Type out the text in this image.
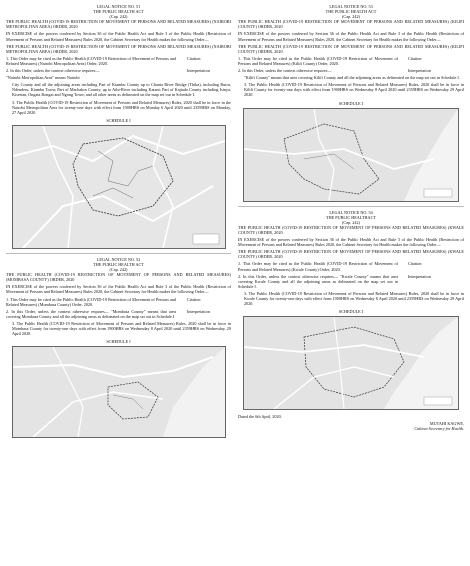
LEGAL NOTICE NO. 51
THE PUBLIC HEALTH ACT
(Cap. 242)
THE PUBLIC HEALTH (COVID-19 RESTRICTION OF MOVEMENT OF PERSONS AND RELATED MEASURES) (NAIROBI METROPOLITAN AREA) ORDER, 2020
IN EXERCISE of the powers conferred by Section 36 of the Public Health Act and Rule 3 of the Public Health (Restriction of Movement of Persons and Related Measures) Rules 2020, the Cabinet Secretary for Health makes the following Order—
THE PUBLIC HEALTH (COVID-19 RESTRICTION OF MOVEMENT OF PERSONS AND RELATED MEASURES) (NAIROBI METROPOLITAN AREA) ORDER, 2020
1. This Order may be cited as the Public Health (COVID-19 Restriction of Movement of Persons and Related Measures) (Nairobi Metropolitan Area) Order, 2020.
Citation
2. In this Order, unless the context otherwise requires—	Interpretation
"Nairobi Metropolitan Area" means Nairobi
City County and all the adjoining areas including Part of Kiambu County up to Chania River Bridge (Thika), including Ruiru, Ndenderu, Kiambu Town; Part of Machakos County, up to Athi-River including Katani; Part of Kajiado County including Isinya, Kiserian, Ongata Rongai and Ngong Town; and all other areas as delineated on the map set out in Schedule I.
3. The Public Health (COVID-19 Restriction of Movement of Persons and Related Measures) Rules, 2020 shall be in force in the Nairobi Metropolitan Area for twenty-one days with effect from 1900HRS on Monday 6 April 2020 until 2359HRS on Monday, 27 April 2020.
SCHEDULE I
LEGAL NOTICE NO. 52
THE PUBLIC HEALTH ACT
(Cap. 242)
THE PUBLIC HEALTH (COVID-19 RESTRICTION OF MOVEMENT OF PERSONS AND RELATED MEASURES) (MOMBASA COUNTY) ORDER, 2020
IN EXERCISE of the powers conferred by Section 36 of the Public Health Act and Rule 3 of the Public Health (Restriction of Movement of Persons and Related Measures) Rules 2020, the Cabinet Secretary for Health makes the following Order—
1. This Order may be cited as the Public Health (COVID-19 Restriction of Movement of Persons and Related Measures) (Mombasa County) Order, 2020.
Citation
2. In this Order, unless the context otherwise requires— "Mombasa County" means that area covering Mombasa County and all the adjoining areas as delineated on the map set out in Schedule I.
Interpretation
3. The Public Health (COVID-19 Restriction of Movement of Persons and Related Measures) Rules, 2020 shall be in force in Mombasa County for twenty-one days with effect from 1900HRS on Wednesday 8 April 2020 until 2359HRS on Wednesday, 29 April 2020.
SCHEDULE I
LEGAL NOTICE NO. 53
THE PUBLIC HEALTH ACT
(Cap. 242)
THE PUBLIC HEALTH (COVID-19 RESTRICTION OF MOVEMENT OF PERSONS AND RELATED MEASURES) (KILIFI COUNTY) ORDER, 2020
IN EXERCISE of the powers conferred by Section 36 of the Public Health Act and Rule 3 of the Public Health (Restriction of Movement of Persons and Related Measures) Rules 2020, the Cabinet Secretary for Health makes the following Order—
THE PUBLIC HEALTH (COVID-19 RESTRICTION OF MOVEMENT OF PERSONS AND RELATED MEASURES) (KILIFI COUNTY) ORDER, 2020
1. This Order may be cited as the Public Health (COVID-19 Restriction of Movement of Persons and Related Measures) (Kilifi County) Order, 2020.
Citation
2. In this Order, unless the context otherwise requires—	Interpretation
"Kilifi County" means that area covering Kilifi County and all the adjoining areas as delineated on the map set out in Schedule I.
3. The Public Health (COVID-19 Restriction of Movement of Persons and Related Measures) Rules, 2020 shall be in force in Kilifi County for twenty-one days with effect from 1900HRS on Wednesday 8 April 2020 until 2359HRS on Wednesday 29 April 2020.
SCHEDULE I
LEGAL NOTICE NO. 54
THE PUBLIC HEALTHACT
(Cap. 242)
THE PUBLIC HEALTH (COVID-19 RESTRICTION OF MOVEMENT OF PERSONS AND RELATED MEASURES) (KWALE COUNTY) ORDER, 2020
IN EXERCISE of the powers conferred by Section 36 of the Public Health Act and Rule 3 of the Public Health (Restriction of Movement of Persons and Related Measures) Rules 2020, the Cabinet Secretary for Health makes the following Order—
THE PUBLIC HEALTH (COVID-19 RESTRICTION OF MOVEMENT OF PERSONS AND RELATED MEASURES) (KWALE COUNTY) ORDER, 2020
1. This Order may be cited as the Public Health (COVID-19 Restriction of Movement of Persons and Related Measures) (Kwale County) Order, 2020.
Citation
2. In this Order, unless the context otherwise requires— "Kwale County" means that area covering Kwale County and all the adjoining areas as delineated on the map set out in Schedule I.
Interpretation
3. The Public Health (COVID-19 Restriction of Movement of Persons and Related Measures) Rules, 2020 shall be in force in Kwale County for twenty-one days with effect from 1900HRS on Wednesday 8 April 2020 until 2359HRS on Wednesday 29 April 2020.
SCHEDULE I
Dated the 6th April, 2020.
MUTAHI KAGWE,
Cabinet Secretary for Health.
